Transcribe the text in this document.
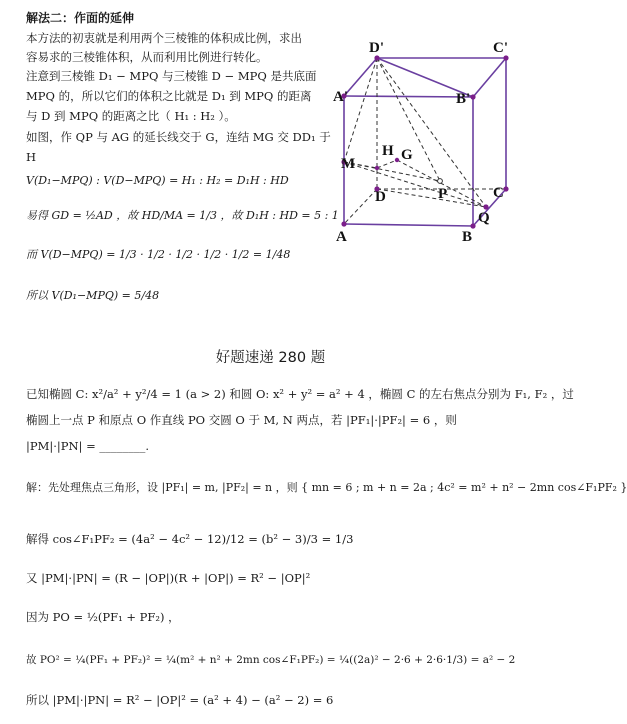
解法二：作面的延伸
本方法的初衷就是利用两个三棱锥的体积成比例，求出
容易求的三棱锥体积，从而利用比例进行转化。
注意到三棱锥 D₁ − MPQ 与三棱锥 D − MPQ 是共底面
MPQ 的，所以它们的体积之比就是 D₁ 到 MPQ 的距离
与 D 到 MPQ 的距离之比（ H₁ : H₂ ）。
如图，作 QP 与 AG 的延长线交于 G，连结 MG 交 DD₁ 于
H
V(D₁−MPQ) : V(D−MPQ) = H₁ : H₂ = D₁H : HD
易得 GD = ½AD ，故 HD/MA = 1/3 ，故 D₁H : HD = 5 : 1
而 V(D−MPQ) = 1/3 · 1/2 · 1/2 · 1/2 · 1/2 = 1/48
所以 V(D₁−MPQ) = 5/48
D'	C'
A'	B'
H G
M
D	P	C
Q
A	B
好题速递 280 题
已知椭圆 C: x²/a² + y²/4 = 1 (a > 2) 和圆 O: x² + y² = a² + 4 ，椭圆 C 的左右焦点分别为 F₁, F₂ ，过
椭圆上一点 P 和原点 O 作直线 PO 交圆 O 于 M, N 两点，若 |PF₁|·|PF₂| = 6 ，则
|PM|·|PN| = ________.
解：先处理焦点三角形，设 |PF₁| = m, |PF₂| = n ，则 { mn = 6 ; m + n = 2a ; 4c² = m² + n² − 2mn cos∠F₁PF₂ }
解得 cos∠F₁PF₂ = (4a² − 4c² − 12)/12 = (b² − 3)/3 = 1/3
又 |PM|·|PN| = (R − |OP|)(R + |OP|) = R² − |OP|²
因为 PO = ½(PF₁ + PF₂) ，
故 PO² = ¼(PF₁ + PF₂)² = ¼(m² + n² + 2mn cos∠F₁PF₂) = ¼((2a)² − 2·6 + 2·6·1/3) = a² − 2
所以 |PM|·|PN| = R² − |OP|² = (a² + 4) − (a² − 2) = 6
